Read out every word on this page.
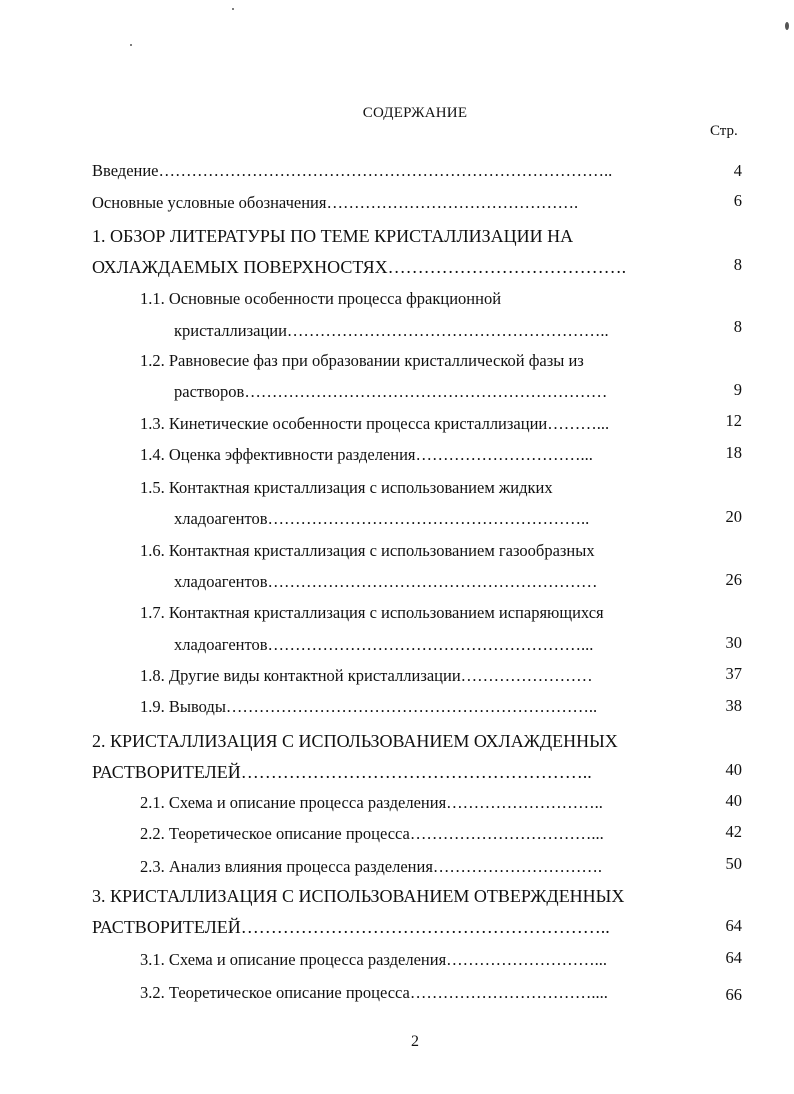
СОДЕРЖАНИЕ
Стр.
Введение………………………………………………………………………..	4
Основные условные обозначения……………………………………….	6
1. ОБЗОР ЛИТЕРАТУРЫ ПО ТЕМЕ КРИСТАЛЛИЗАЦИИ НА
ОХЛАЖДАЕМЫХ ПОВЕРХНОСТЯХ………………………………….	8
1.1. Основные особенности процесса фракционной
кристаллизации…………………………………………………..	8
1.2. Равновесие фаз при образовании кристаллической фазы из
растворов…………………………………………………………	9
1.3. Кинетические особенности процесса кристаллизации………...	12
1.4. Оценка эффективности разделения…………………………...	18
1.5. Контактная кристаллизация с использованием жидких
хладоагентов…………………………………………………..	20
1.6. Контактная кристаллизация с использованием газообразных
хладоагентов……………………………………………………	26
1.7. Контактная кристаллизация с использованием испаряющихся
хладоагентов…………………………………………………...	30
1.8. Другие виды контактной кристаллизации……………………	37
1.9. Выводы…………………………………………………………..	38
2. КРИСТАЛЛИЗАЦИЯ С ИСПОЛЬЗОВАНИЕМ ОХЛАЖДЕННЫХ
РАСТВОРИТЕЛЕЙ…………………………………………………..	40
2.1. Схема и описание процесса разделения………………………..	40
2.2. Теоретическое описание процесса……………………………...	42
2.3. Анализ влияния процесса разделения………………………….	50
3. КРИСТАЛЛИЗАЦИЯ С ИСПОЛЬЗОВАНИЕМ ОТВЕРЖДЕННЫХ
РАСТВОРИТЕЛЕЙ……………………………………………………..	64
3.1. Схема и описание процесса разделения………………………...	64
3.2. Теоретическое описание процесса……………………………....	66
2
